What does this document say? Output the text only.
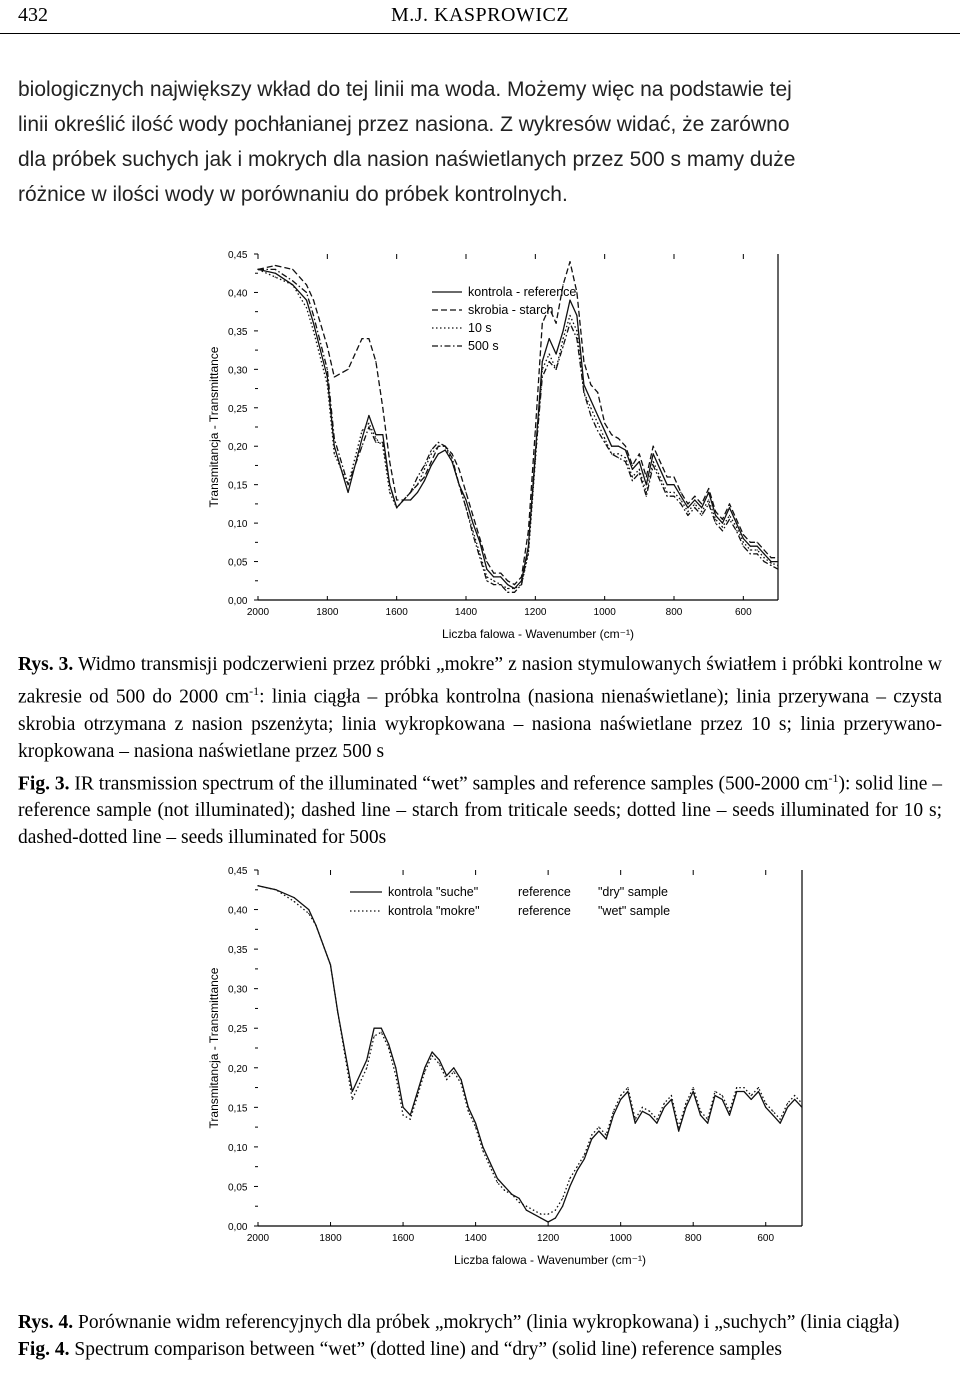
432	M.J. KASPROWICZ
biologicznych największy wkład do tej linii ma woda. Możemy więc na podstawie tej
linii określić ilość wody pochłanianej przez nasiona. Z wykresów widać, że zarówno
dla próbek suchych jak i mokrych dla nasion naświetlanych przez 500 s mamy duże
różnice w ilości wody w porównaniu do próbek kontrolnych.
0,00
0,05
0,10
0,15
0,20
0,25
0,30
0,35
0,40
0,45
2000	1800	1600	1400	1200	1000	800	600
Liczba falowa - Wavenumber (cm⁻¹)
Transmitancja - Transmittance
kontrola - reference
skrobia - starch
10 s
500 s
Rys. 3. Widmo transmisji podczerwieni przez próbki „mokre” z nasion stymulowanych światłem i próbki kontrolne w zakresie od 500 do 2000 $cm^{-1}$: linia ciągła – próbka kontrolna (nasiona nienaświetlane); linia przerywana – czysta skrobia otrzymana z nasion pszenżyta; linia wykropkowana – nasiona naświetlane przez 10 s; linia przerywano-kropkowana – nasiona naświetlane przez 500 s
Fig. 3. IR transmission spectrum of the illuminated “wet” samples and reference samples (500-2000 $cm^{-1}$): solid line – reference sample (not illuminated); dashed line – starch from triticale seeds; dotted line – seeds illuminated for 10 s; dashed-dotted line – seeds illuminated for 500s
0,00
0,05
0,10
0,15
0,20
0,25
0,30
0,35
0,40
0,45
2000	1800	1600	1400	1200	1000	800	600
Liczba falowa - Wavenumber (cm⁻¹)
Transmitancja - Transmittance
kontrola "suche"	reference "dry" sample
kontrola "mokre"	reference "wet" sample
Rys. 4. Porównanie widm referencyjnych dla próbek „mokrych” (linia wykropkowana) i „suchych” (linia ciągła)
Fig. 4. Spectrum comparison between “wet” (dotted line) and “dry” (solid line) reference samples
